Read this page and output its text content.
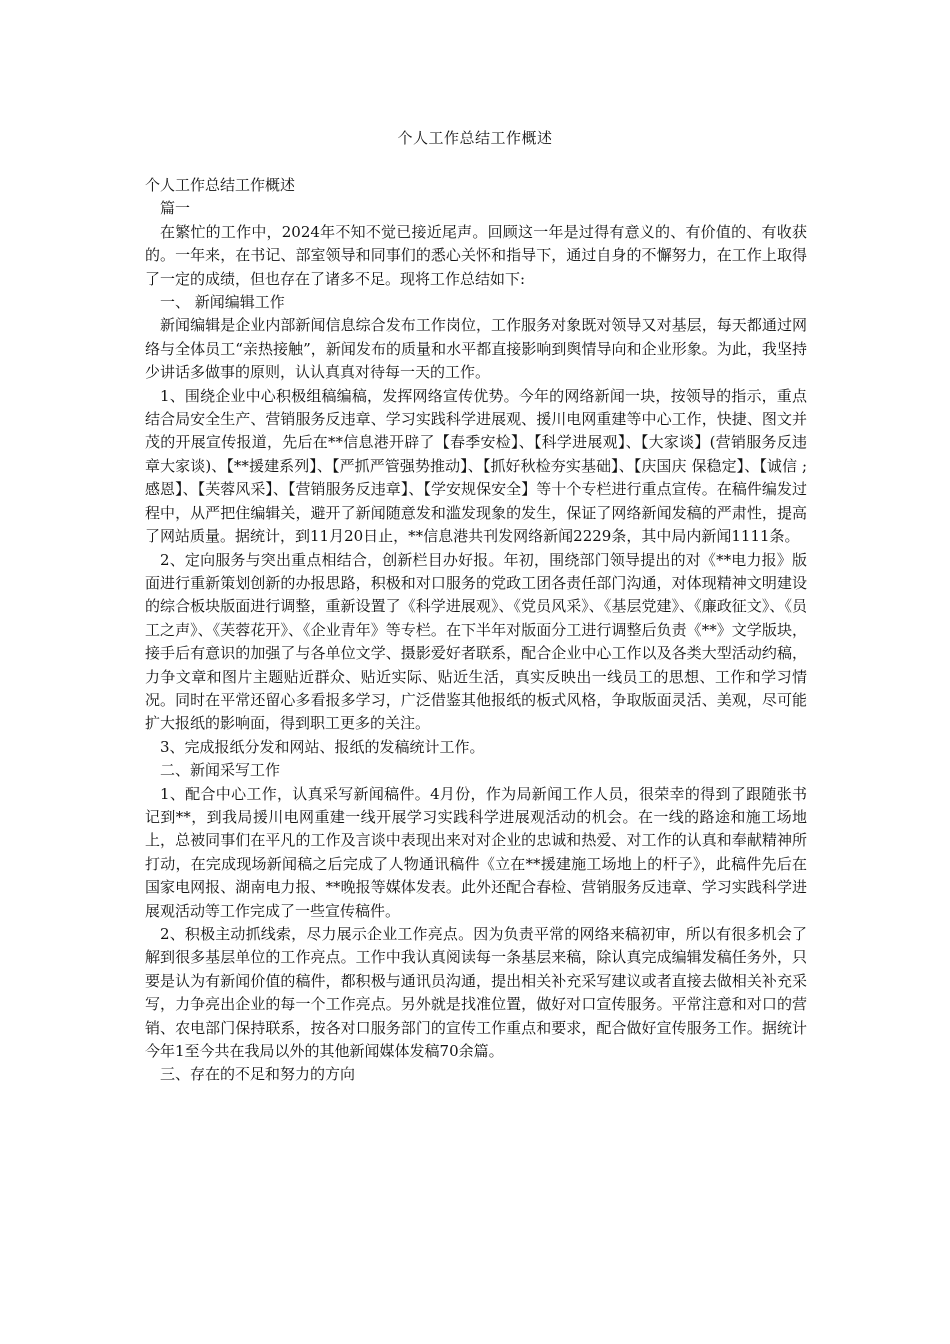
个人工作总结工作概述

个人工作总结工作概述

篇一

在繁忙的工作中，2024年不知不觉已接近尾声。回顾这一年是过得有意义的、有价值的、有收获的。一年来，在书记、部室领导和同事们的悉心关怀和指导下，通过自身的不懈努力，在工作上取得了一定的成绩，但也存在了诸多不足。现将工作总结如下:

一、 新闻编辑工作

新闻编辑是企业内部新闻信息综合发布工作岗位，工作服务对象既对领导又对基层，每天都通过网络与全体员工“亲热接触”，新闻发布的质量和水平都直接影响到舆情导向和企业形象。为此，我坚持少讲话多做事的原则，认认真真对待每一天的工作。

1、围绕企业中心积极组稿编稿，发挥网络宣传优势。今年的网络新闻一块，按领导的指示，重点结合局安全生产、营销服务反违章、学习实践科学进展观、援川电网重建等中心工作，快捷、图文并茂的开展宣传报道，先后在**信息港开辟了【春季安检】、【科学进展观】、【大家谈】(营销服务反违章大家谈)、【**援建系列】、【严抓严管强势推动】、【抓好秋检夯实基础】、【庆国庆 保稳定】、【诚信 ;感恩】、【芙蓉风采】、【营销服务反违章】、【学安规保安全】等十个专栏进行重点宣传。在稿件编发过程中，从严把住编辑关，避开了新闻随意发和滥发现象的发生，保证了网络新闻发稿的严肃性，提高了网站质量。据统计，到11月20日止，**信息港共刊发网络新闻2229条，其中局内新闻1111条。

2、定向服务与突出重点相结合，创新栏目办好报。年初，围绕部门领导提出的对《**电力报》版面进行重新策划创新的办报思路，积极和对口服务的党政工团各责任部门沟通，对体现精神文明建设的综合板块版面进行调整，重新设置了《科学进展观》、《党员风采》、《基层党建》、《廉政征文》、《员工之声》、《芙蓉花开》、《企业青年》等专栏。在下半年对版面分工进行调整后负责《**》文学版块，接手后有意识的加强了与各单位文学、摄影爱好者联系，配合企业中心工作以及各类大型活动约稿，力争文章和图片主题贴近群众、贴近实际、贴近生活，真实反映出一线员工的思想、工作和学习情况。同时在平常还留心多看报多学习，广泛借鉴其他报纸的板式风格，争取版面灵活、美观，尽可能扩大报纸的影响面，得到职工更多的关注。

3、完成报纸分发和网站、报纸的发稿统计工作。

二、新闻采写工作

1、配合中心工作，认真采写新闻稿件。4月份，作为局新闻工作人员，很荣幸的得到了跟随张书记到**，到我局援川电网重建一线开展学习实践科学进展观活动的机会。在一线的路途和施工场地上，总被同事们在平凡的工作及言谈中表现出来对对企业的忠诚和热爱、对工作的认真和奉献精神所打动，在完成现场新闻稿之后完成了人物通讯稿件《立在**援建施工场地上的杆子》，此稿件先后在国家电网报、湖南电力报、**晚报等媒体发表。此外还配合春检、营销服务反违章、学习实践科学进展观活动等工作完成了一些宣传稿件。

2、积极主动抓线索，尽力展示企业工作亮点。因为负责平常的网络来稿初审，所以有很多机会了解到很多基层单位的工作亮点。工作中我认真阅读每一条基层来稿，除认真完成编辑发稿任务外，只要是认为有新闻价值的稿件，都积极与通讯员沟通，提出相关补充采写建议或者直接去做相关补充采写，力争亮出企业的每一个工作亮点。另外就是找准位置，做好对口宣传服务。平常注意和对口的营销、农电部门保持联系，按各对口服务部门的宣传工作重点和要求，配合做好宣传服务工作。据统计今年1至今共在我局以外的其他新闻媒体发稿70余篇。

三、存在的不足和努力的方向
